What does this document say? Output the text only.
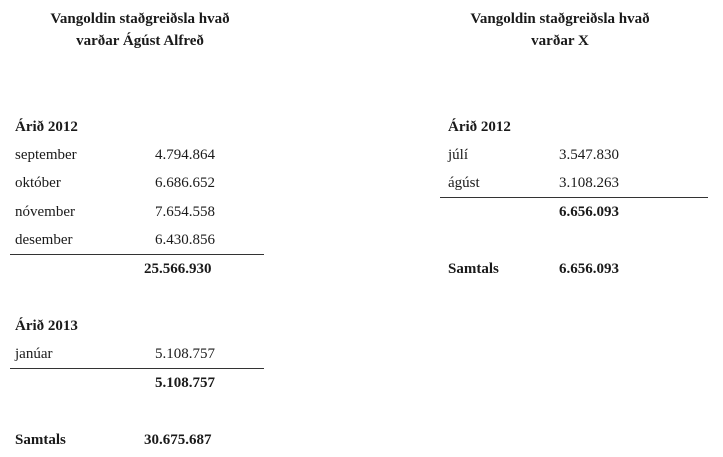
Vangoldin staðgreiðsla hvað
varðar Ágúst Alfreð
Árið 2012
september	4.794.864
október	6.686.652
nóvember	7.654.558
desember	6.430.856
25.566.930
Árið 2013
janúar	5.108.757
5.108.757
Samtals	30.675.687
Vangoldin staðgreiðsla hvað
varðar X
Árið 2012
júlí	3.547.830
ágúst	3.108.263
6.656.093
Samtals	6.656.093
